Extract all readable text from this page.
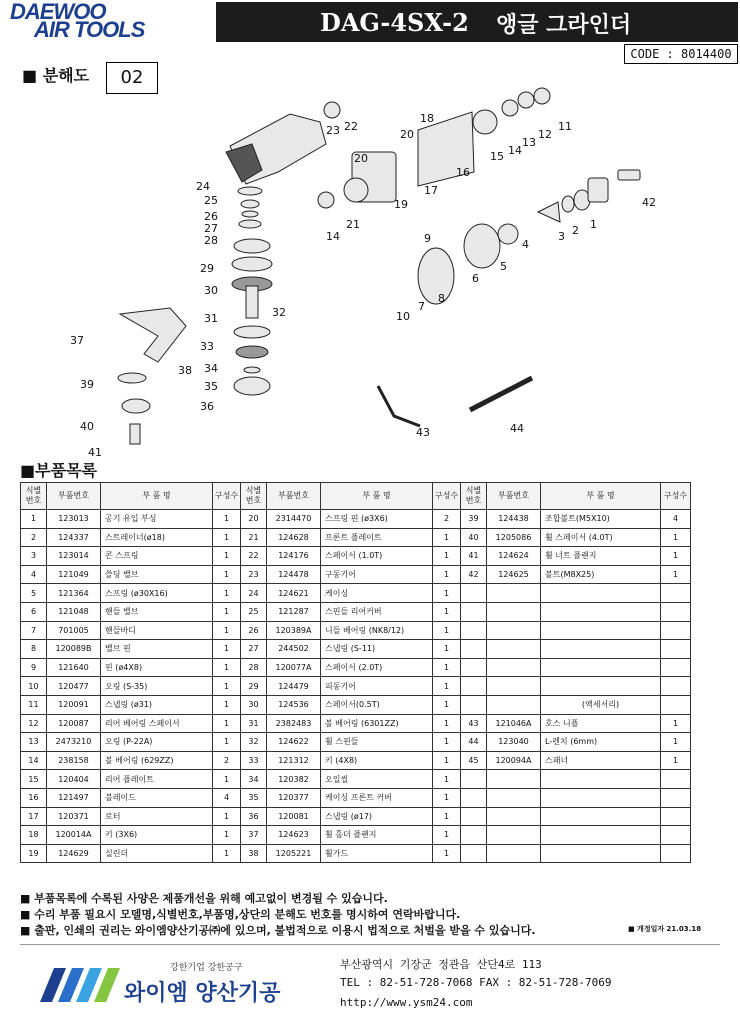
DAEWOO
AIR TOOLS	DAG-4SX-2 앵글 그라인더
CODE : 8014400
■ 분해도	02
1
2
3
4
5
6
7
8
9
10
11
12
13
14
14
15
16
17
18
19
20
20
21
22
23
24
25
26
27
28
29
30
31	32
33
34
35
36
37
38
39
40
41
42
43	44
■부품목록
식별
번호	부품번호	부 품 명	구성수	식별
번호	부품번호	부 품 명	구성수	식별
번호	부품번호	부 품 명	구성수
1	123013	공기 유입 부싱	1	20	2314470	스프링 핀 (ø3X6)	2	39	124438	조합볼트(M5X10)	4
2	124337	스트레이너(ø18)	1	21	124628	프론트 플레이트	1	40	1205086	휠 스페이서 (4.0T)	1
3	123014	콘 스프링	1	22	124176	스페이서 (1.0T)	1	41	124624	휠 너트 플랜지	1
4	121049	쓸딩 밸브	1	23	124478	구동기어	1	42	124625	볼트(M8X25)	1
5	121364	스프링 (ø30X16)	1	24	124621	케이싱	1				
6	121048	핸들 밸브	1	25	121287	스핀들 리어커버	1				
7	701005	핸들바디	1	26	120389A	니들 베어링 (NK8/12)	1				
8	120089B	밸브 핀	1	27	244502	스냅링 (S-11)	1				
9	121640	핀 (ø4X8)	1	28	120077A	스페이서 (2.0T)	1				
10	120477	오링 (S-35)	1	29	124479	피동기어	1				
11	120091	스냅링 (ø31)	1	30	124536	스페이서(0.5T)	1			(액세서리)	
12	120087	리어 베어링 스페이서	1	31	2382483	볼 베어링 (6301ZZ)	1	43	121046A	호스 니플	1
13	2473210	오링 (P-22A)	1	32	124622	휠 스핀들	1	44	123040	L-렌치 (6mm)	1
14	238158	볼 베어링 (629ZZ)	2	33	121312	키 (4X8)	1	45	120094A	스패너	1
15	120404	리어 플레이트	1	34	120382	오일씰	1				
16	121497	블레이드	4	35	120377	케이싱 프론트 커버	1				
17	120371	로터	1	36	120081	스냅링 (ø17)	1				
18	120014A	키 (3X6)	1	37	124623	휠 홀더 플랜지	1				
19	124629	실린더	1	38	1205221	휠가드	1				
■ 부품목록에 수록된 사양은 제품개선을 위해 예고없이 변경될 수 있습니다.
■ 수리 부품 필요시 모델명,식별번호,부품명,상단의 분해도 번호를 명시하여 연락바랍니다.
■ 출판, 인쇄의 권리는 와이엠양산기공㈜에 있으며, 불법적으로 이용시 법적으로 처벌을 받을 수 있습니다.	■ 개정일자 21.03.18
강한기업 강한공구
와이엠 양산기공
부산광역시 기장군 정관읍 산단4로 113
TEL : 82-51-728-7068 FAX : 82-51-728-7069
http://www.ysm24.com
